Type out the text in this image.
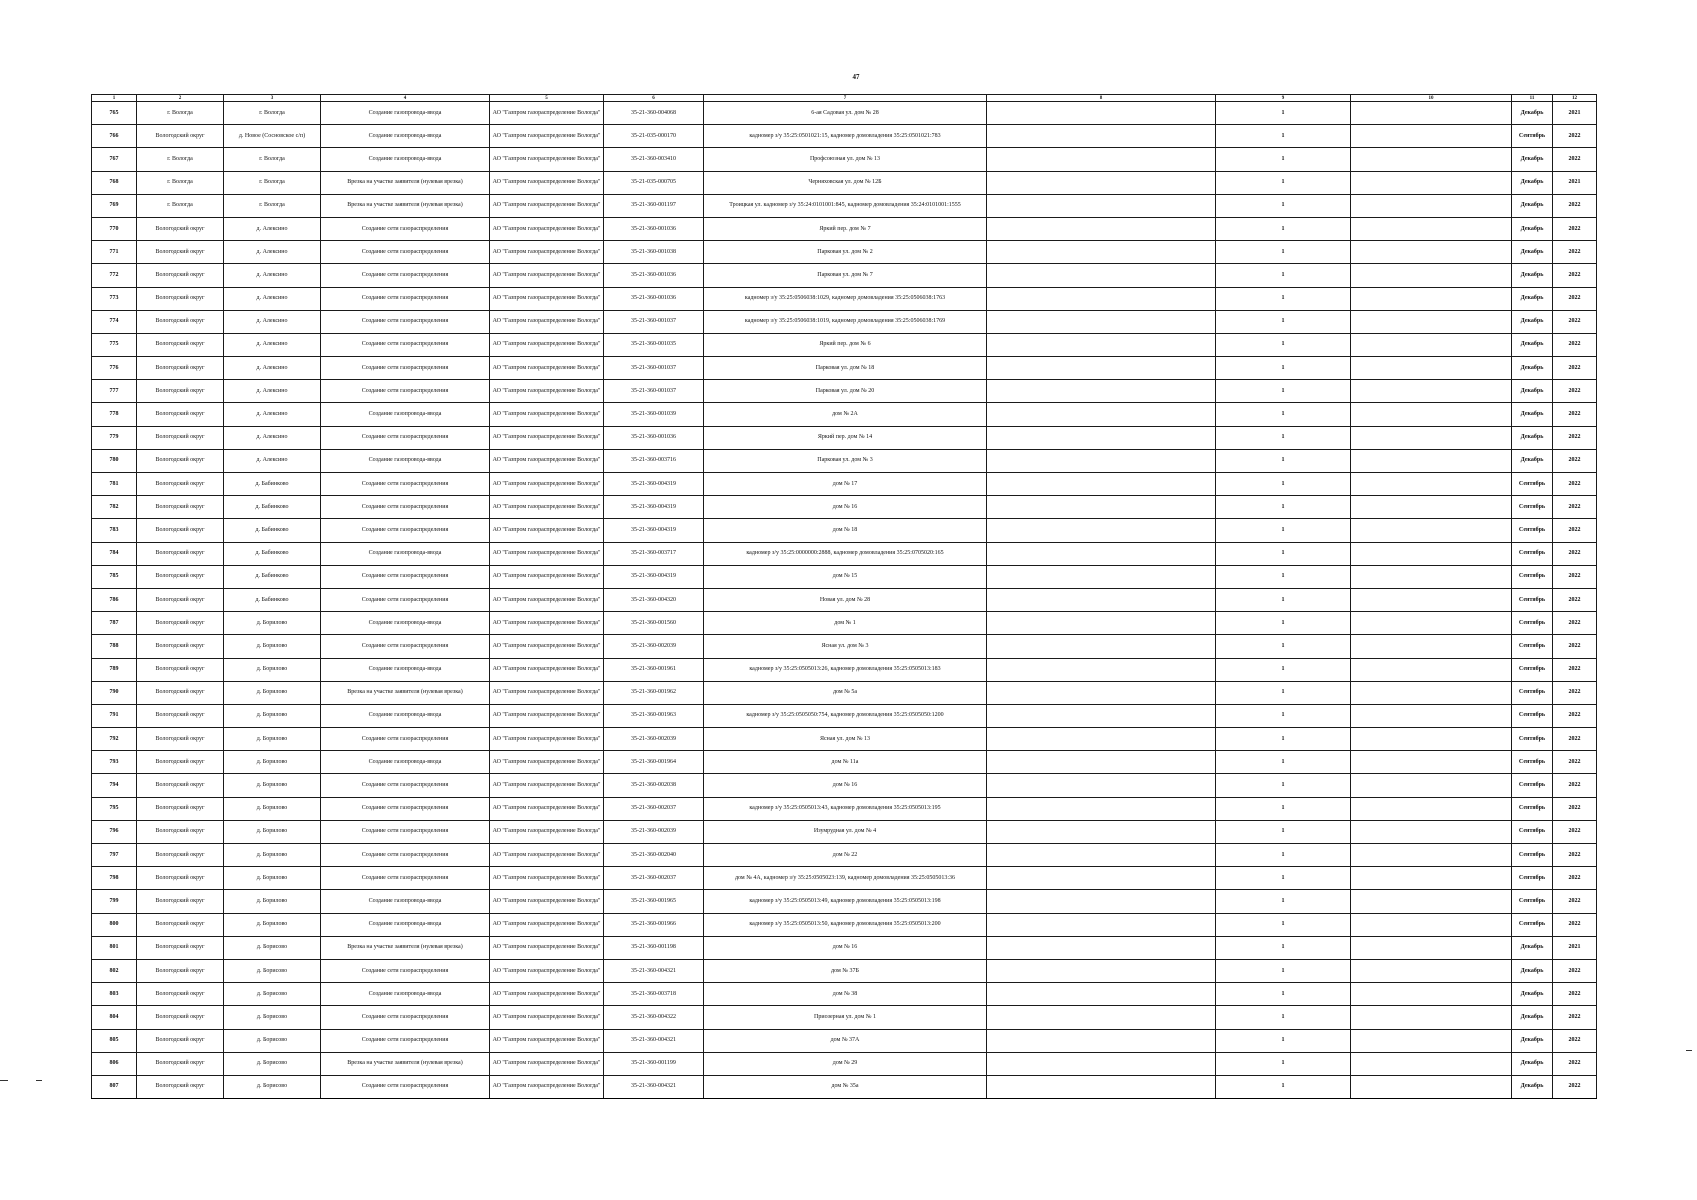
47
1	2	3	4	5	6	7	8	9	10	11	12
765	г. Вологда	г. Вологда	Создание газопровода-ввода	АО "Газпром газораспределение Вологда"	35-21-360-004068	6-ая Садовая ул. дом № 28		1		Декабрь	2021
766	Вологодский округ	д. Новое (Сосновское с/п)	Создание газопровода-ввода	АО "Газпром газораспределение Вологда"	35-21-035-000170	кадномер з/у 35:25:0501021:15, кадномер домовладения 35:25:0501021:783		1		Сентябрь	2022
767	г. Вологда	г. Вологда	Создание газопровода-ввода	АО "Газпром газораспределение Вологда"	35-21-360-003410	Профсоюзная ул. дом № 13		1		Декабрь	2022
768	г. Вологда	г. Вологда	Врезка на участке заявителя (нулевая врезка)	АО "Газпром газораспределение Вологда"	35-21-035-000705	Черняховская ул. дом № 12Б		1		Декабрь	2021
769	г. Вологда	г. Вологда	Врезка на участке заявителя (нулевая врезка)	АО "Газпром газораспределение Вологда"	35-21-360-001197	Троицкая ул. кадномер з/у 35:24:0101001:845, кадномер домовладения 35:24:0101001:1555		1		Декабрь	2022
770	Вологодский округ	д. Алексино	Создание сети газораспределения	АО "Газпром газораспределение Вологда"	35-21-360-001036	Яркий пер. дом № 7		1		Декабрь	2022
771	Вологодский округ	д. Алексино	Создание сети газораспределения	АО "Газпром газораспределение Вологда"	35-21-360-001038	Парковая ул. дом № 2		1		Декабрь	2022
772	Вологодский округ	д. Алексино	Создание сети газораспределения	АО "Газпром газораспределение Вологда"	35-21-360-001036	Парковая ул. дом № 7		1		Декабрь	2022
773	Вологодский округ	д. Алексино	Создание сети газораспределения	АО "Газпром газораспределение Вологда"	35-21-360-001036	кадномер з/у 35:25:0506038:1029, кадномер домовладения 35:25:0506038:1763		1		Декабрь	2022
774	Вологодский округ	д. Алексино	Создание сети газораспределения	АО "Газпром газораспределение Вологда"	35-21-360-001037	кадномер з/у 35:25:0506038:1019, кадномер домовладения 35:25:0506038:1769		1		Декабрь	2022
775	Вологодский округ	д. Алексино	Создание сети газораспределения	АО "Газпром газораспределение Вологда"	35-21-360-001035	Яркий пер. дом № 6		1		Декабрь	2022
776	Вологодский округ	д. Алексино	Создание сети газораспределения	АО "Газпром газораспределение Вологда"	35-21-360-001037	Парковая ул. дом № 18		1		Декабрь	2022
777	Вологодский округ	д. Алексино	Создание сети газораспределения	АО "Газпром газораспределение Вологда"	35-21-360-001037	Парковая ул. дом № 20		1		Декабрь	2022
778	Вологодский округ	д. Алексино	Создание газопровода-ввода	АО "Газпром газораспределение Вологда"	35-21-360-001039	дом № 2А		1		Декабрь	2022
779	Вологодский округ	д. Алексино	Создание сети газораспределения	АО "Газпром газораспределение Вологда"	35-21-360-001036	Яркий пер. дом № 14		1		Декабрь	2022
780	Вологодский округ	д. Алексино	Создание газопровода-ввода	АО "Газпром газораспределение Вологда"	35-21-360-003716	Парковая ул. дом № 3		1		Декабрь	2022
781	Вологодский округ	д. Бабинково	Создание сети газораспределения	АО "Газпром газораспределение Вологда"	35-21-360-004319	дом № 17		1		Сентябрь	2022
782	Вологодский округ	д. Бабинково	Создание сети газораспределения	АО "Газпром газораспределение Вологда"	35-21-360-004319	дом № 16		1		Сентябрь	2022
783	Вологодский округ	д. Бабинково	Создание сети газораспределения	АО "Газпром газораспределение Вологда"	35-21-360-004319	дом № 18		1		Сентябрь	2022
784	Вологодский округ	д. Бабинково	Создание газопровода-ввода	АО "Газпром газораспределение Вологда"	35-21-360-003717	кадномер з/у 35:25:0000000:2888, кадномер домовладения 35:25:0705020:165		1		Сентябрь	2022
785	Вологодский округ	д. Бабинково	Создание сети газораспределения	АО "Газпром газораспределение Вологда"	35-21-360-004319	дом № 15		1		Сентябрь	2022
786	Вологодский округ	д. Бабинково	Создание сети газораспределения	АО "Газпром газораспределение Вологда"	35-21-360-004320	Новая ул. дом № 28		1		Сентябрь	2022
787	Вологодский округ	д. Борилово	Создание газопровода-ввода	АО "Газпром газораспределение Вологда"	35-21-360-001560	дом № 1		1		Сентябрь	2022
788	Вологодский округ	д. Борилово	Создание сети газораспределения	АО "Газпром газораспределение Вологда"	35-21-360-002039	Ясная ул. дом № 3		1		Сентябрь	2022
789	Вологодский округ	д. Борилово	Создание газопровода-ввода	АО "Газпром газораспределение Вологда"	35-21-360-001961	кадномер з/у 35:25:0505013:26, кадномер домовладения 35:25:0505013:183		1		Сентябрь	2022
790	Вологодский округ	д. Борилово	Врезка на участке заявителя (нулевая врезка)	АО "Газпром газораспределение Вологда"	35-21-360-001962	дом № 5а		1		Сентябрь	2022
791	Вологодский округ	д. Борилово	Создание газопровода-ввода	АО "Газпром газораспределение Вологда"	35-21-360-001963	кадномер з/у 35:25:0505050:754, кадномер домовладения 35:25:0505050:1200		1		Сентябрь	2022
792	Вологодский округ	д. Борилово	Создание сети газораспределения	АО "Газпром газораспределение Вологда"	35-21-360-002039	Ясная ул. дом № 13		1		Сентябрь	2022
793	Вологодский округ	д. Борилово	Создание газопровода-ввода	АО "Газпром газораспределение Вологда"	35-21-360-001964	дом № 11а		1		Сентябрь	2022
794	Вологодский округ	д. Борилово	Создание сети газораспределения	АО "Газпром газораспределение Вологда"	35-21-360-002038	дом № 16		1		Сентябрь	2022
795	Вологодский округ	д. Борилово	Создание сети газораспределения	АО "Газпром газораспределение Вологда"	35-21-360-002037	кадномер з/у 35:25:0505013:43, кадномер домовладения 35:25:0505013:195		1		Сентябрь	2022
796	Вологодский округ	д. Борилово	Создание сети газораспределения	АО "Газпром газораспределение Вологда"	35-21-360-002039	Изумрудная ул. дом № 4		1		Сентябрь	2022
797	Вологодский округ	д. Борилово	Создание сети газораспределения	АО "Газпром газораспределение Вологда"	35-21-360-002040	дом № 22		1		Сентябрь	2022
798	Вологодский округ	д. Борилово	Создание сети газораспределения	АО "Газпром газораспределение Вологда"	35-21-360-002037	дом № 4А, кадномер з/у 35:25:0505023:139, кадномер домовладения 35:25:0505013:36		1		Сентябрь	2022
799	Вологодский округ	д. Борилово	Создание газопровода-ввода	АО "Газпром газораспределение Вологда"	35-21-360-001965	кадномер з/у 35:25:0505013:49, кадномер домовладения 35:25:0505013:198		1		Сентябрь	2022
800	Вологодский округ	д. Борилово	Создание газопровода-ввода	АО "Газпром газораспределение Вологда"	35-21-360-001966	кадномер з/у 35:25:0505013:50, кадномер домовладения 35:25:0505013:200		1		Сентябрь	2022
801	Вологодский округ	д. Борисово	Врезка на участке заявителя (нулевая врезка)	АО "Газпром газораспределение Вологда"	35-21-360-001198	дом № 16		1		Декабрь	2021
802	Вологодский округ	д. Борисово	Создание сети газораспределения	АО "Газпром газораспределение Вологда"	35-21-360-004321	дом № 37Б		1		Декабрь	2022
803	Вологодский округ	д. Борисово	Создание газопровода-ввода	АО "Газпром газораспределение Вологда"	35-21-360-003718	дом № 38		1		Декабрь	2022
804	Вологодский округ	д. Борисово	Создание сети газораспределения	АО "Газпром газораспределение Вологда"	35-21-360-004322	Приозерная ул. дом № 1		1		Декабрь	2022
805	Вологодский округ	д. Борисово	Создание сети газораспределения	АО "Газпром газораспределение Вологда"	35-21-360-004321	дом № 37А		1		Декабрь	2022
806	Вологодский округ	д. Борисово	Врезка на участке заявителя (нулевая врезка)	АО "Газпром газораспределение Вологда"	35-21-360-001199	дом № 29		1		Декабрь	2022
807	Вологодский округ	д. Борисово	Создание сети газораспределения	АО "Газпром газораспределение Вологда"	35-21-360-004321	дом № 35а		1		Декабрь	2022
